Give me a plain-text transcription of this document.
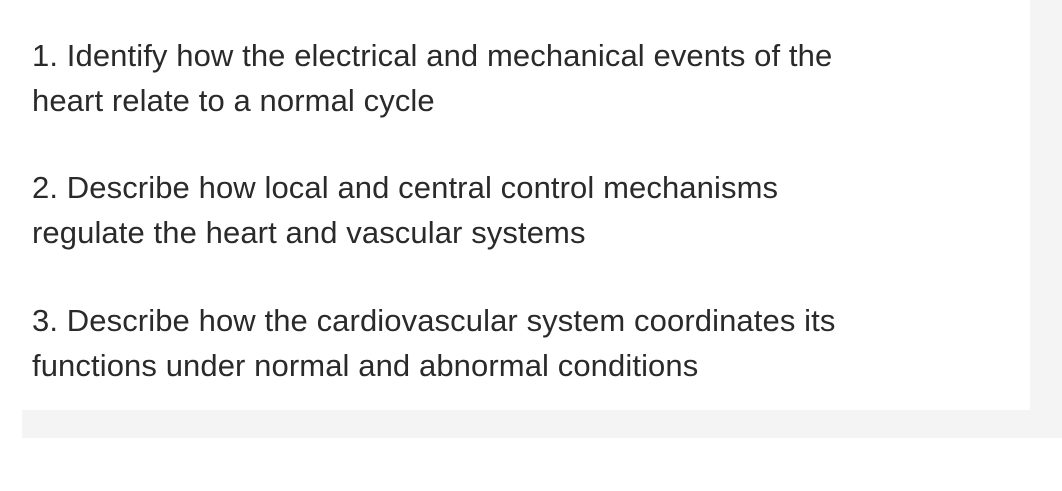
1. Identify how the electrical and mechanical events of the
heart relate to a normal cycle

2. Describe how local and central control mechanisms
regulate the heart and vascular systems

3. Describe how the cardiovascular system coordinates its
functions under normal and abnormal conditions
